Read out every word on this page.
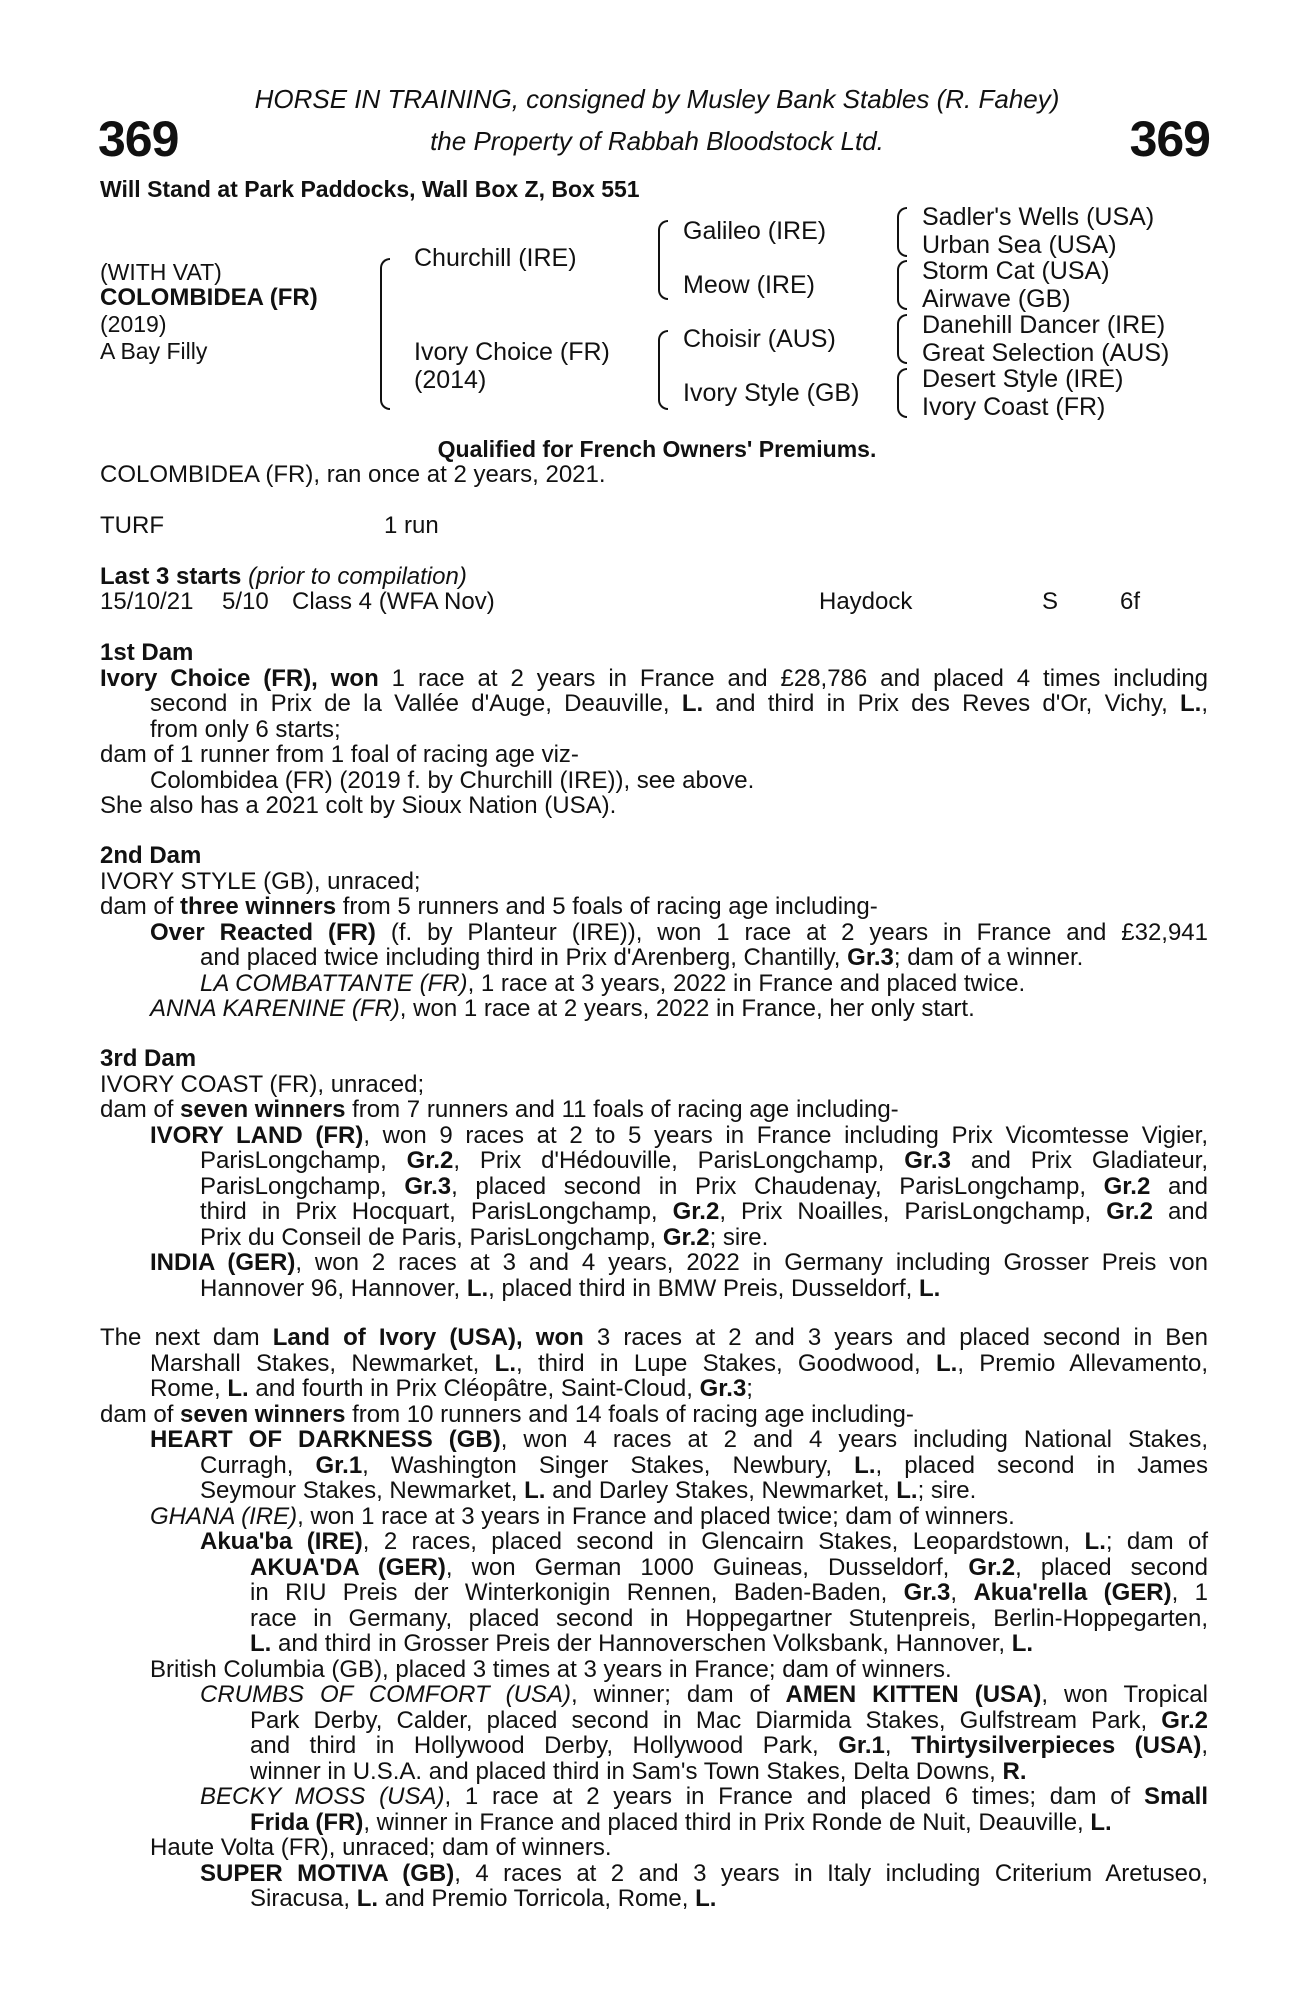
HORSE IN TRAINING, consigned by Musley Bank Stables (R. Fahey)
the Property of Rabbah Bloodstock Ltd.
369	369
Will Stand at Park Paddocks, Wall Box Z, Box 551
(WITH VAT)
COLOMBIDEA (FR)
(2019)
A Bay Filly
Churchill (IRE)
Ivory Choice (FR)
(2014)
Galileo (IRE)
Meow (IRE)
Choisir (AUS)
Ivory Style (GB)
Sadler's Wells (USA)
Urban Sea (USA)
Storm Cat (USA)
Airwave (GB)
Danehill Dancer (IRE)
Great Selection (AUS)
Desert Style (IRE)
Ivory Coast (FR)
Qualified for French Owners' Premiums.
COLOMBIDEA (FR), ran once at 2 years, 2021.
TURF	1 run
Last 3 starts (prior to compilation)
15/10/21 5/10 Class 4 (WFA Nov)	Haydock	S	6f

1st Dam

Ivory Choice (FR), won 1 race at 2 years in France and £28,786 and placed 4 times including

second in Prix de la Vallée d'Auge, Deauville, L. and third in Prix des Reves d'Or, Vichy, L.,

from only 6 starts;

dam of 1 runner from 1 foal of racing age viz-

Colombidea (FR) (2019 f. by Churchill (IRE)), see above.

She also has a 2021 colt by Sioux Nation (USA).

2nd Dam

IVORY STYLE (GB), unraced;

dam of three winners from 5 runners and 5 foals of racing age including-

Over Reacted (FR) (f. by Planteur (IRE)), won 1 race at 2 years in France and £32,941

and placed twice including third in Prix d'Arenberg, Chantilly, Gr.3; dam of a winner.

LA COMBATTANTE (FR), 1 race at 3 years, 2022 in France and placed twice.

ANNA KARENINE (FR), won 1 race at 2 years, 2022 in France, her only start.

3rd Dam

IVORY COAST (FR), unraced;

dam of seven winners from 7 runners and 11 foals of racing age including-

IVORY LAND (FR), won 9 races at 2 to 5 years in France including Prix Vicomtesse Vigier,

ParisLongchamp, Gr.2, Prix d'Hédouville, ParisLongchamp, Gr.3 and Prix Gladiateur,

ParisLongchamp, Gr.3, placed second in Prix Chaudenay, ParisLongchamp, Gr.2 and

third in Prix Hocquart, ParisLongchamp, Gr.2, Prix Noailles, ParisLongchamp, Gr.2 and

Prix du Conseil de Paris, ParisLongchamp, Gr.2; sire.

INDIA (GER), won 2 races at 3 and 4 years, 2022 in Germany including Grosser Preis von

Hannover 96, Hannover, L., placed third in BMW Preis, Dusseldorf, L.

The next dam Land of Ivory (USA), won 3 races at 2 and 3 years and placed second in Ben

Marshall Stakes, Newmarket, L., third in Lupe Stakes, Goodwood, L., Premio Allevamento,

Rome, L. and fourth in Prix Cléopâtre, Saint-Cloud, Gr.3;

dam of seven winners from 10 runners and 14 foals of racing age including-

HEART OF DARKNESS (GB), won 4 races at 2 and 4 years including National Stakes,

Curragh, Gr.1, Washington Singer Stakes, Newbury, L., placed second in James

Seymour Stakes, Newmarket, L. and Darley Stakes, Newmarket, L.; sire.

GHANA (IRE), won 1 race at 3 years in France and placed twice; dam of winners.

Akua'ba (IRE), 2 races, placed second in Glencairn Stakes, Leopardstown, L.; dam of

AKUA'DA (GER), won German 1000 Guineas, Dusseldorf, Gr.2, placed second

in RIU Preis der Winterkonigin Rennen, Baden-Baden, Gr.3, Akua'rella (GER), 1

race in Germany, placed second in Hoppegartner Stutenpreis, Berlin-Hoppegarten,

L. and third in Grosser Preis der Hannoverschen Volksbank, Hannover, L.

British Columbia (GB), placed 3 times at 3 years in France; dam of winners.

CRUMBS OF COMFORT (USA), winner; dam of AMEN KITTEN (USA), won Tropical

Park Derby, Calder, placed second in Mac Diarmida Stakes, Gulfstream Park, Gr.2

and third in Hollywood Derby, Hollywood Park, Gr.1, Thirtysilverpieces (USA),

winner in U.S.A. and placed third in Sam's Town Stakes, Delta Downs, R.

BECKY MOSS (USA), 1 race at 2 years in France and placed 6 times; dam of Small

Frida (FR), winner in France and placed third in Prix Ronde de Nuit, Deauville, L.

Haute Volta (FR), unraced; dam of winners.

SUPER MOTIVA (GB), 4 races at 2 and 3 years in Italy including Criterium Aretuseo,

Siracusa, L. and Premio Torricola, Rome, L.
